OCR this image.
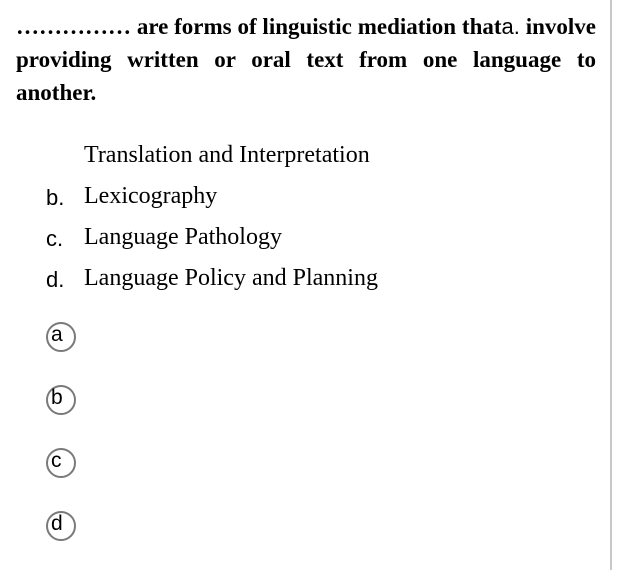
…………… are forms of linguistic mediation thata. involve providing written or oral text from one language to another.
Translation and Interpretation
b. Lexicography
c. Language Pathology
d. Language Policy and Planning
a
b
c
d
